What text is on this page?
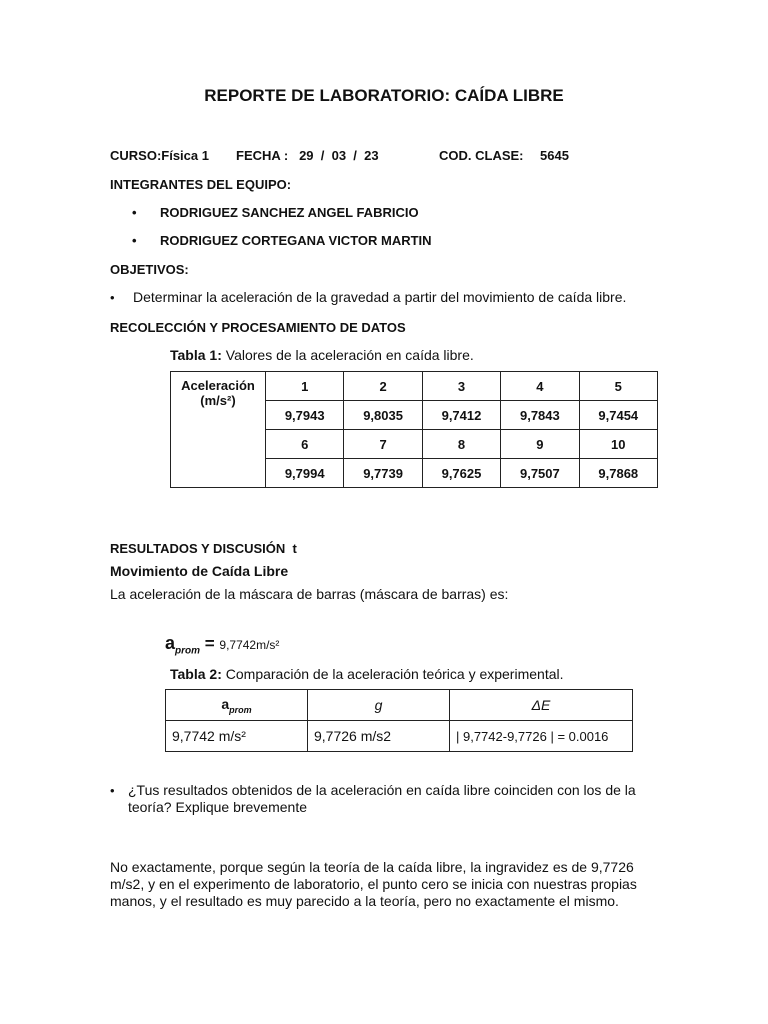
REPORTE DE LABORATORIO: CAÍDA LIBRE
CURSO:Física 1 FECHA :   29  /  03  /  23	COD. CLASE: 5645
INTEGRANTES DEL EQUIPO:
• RODRIGUEZ SANCHEZ ANGEL FABRICIO
• RODRIGUEZ CORTEGANA VICTOR MARTIN
OBJETIVOS:
• Determinar la aceleración de la gravedad a partir del movimiento de caída libre.
RECOLECCIÓN Y PROCESAMIENTO DE DATOS
Tabla 1: Valores de la aceleración en caída libre.
Aceleración
(m/s²)	1	2	3	4	5
	9,7943	9,8035	9,7412	9,7843	9,7454
	6	7	8	9	10
	9,7994	9,7739	9,7625	9,7507	9,7868
RESULTADOS Y DISCUSIÓN  t
Movimiento de Caída Libre
La aceleración de la máscara de barras (máscara de barras) es:
$a_{prom} = 9,7742m/s^2$
Tabla 2: Comparación de la aceleración teórica y experimental.
$a_{prom}$	g	ΔE
9,7742 m/s²	9,7726 m/s2	| 9,7742-9,7726 | = 0.0016
• ¿Tus resultados obtenidos de la aceleración en caída libre coinciden con los de la teoría? Explique brevemente
No exactamente, porque según la teoría de la caída libre, la ingravidez es de 9,7726 m/s2, y en el experimento de laboratorio, el punto cero se inicia con nuestras propias manos, y el resultado es muy parecido a la teoría, pero no exactamente el mismo.
